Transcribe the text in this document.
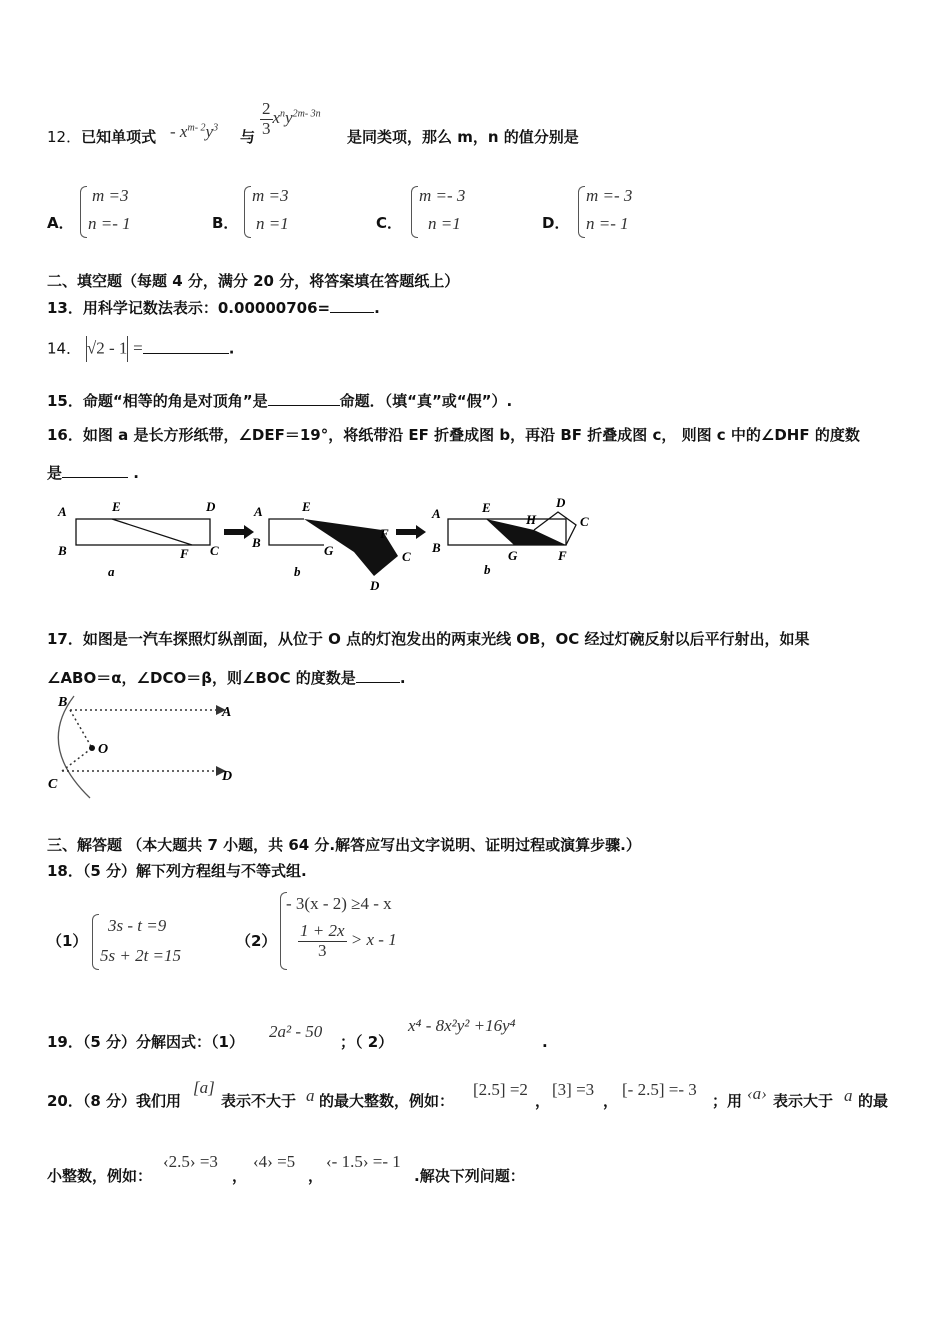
12．已知单项式 - $x^{m- 2}y^3$
与 $\frac{2}{3} x^ny^{2m- 3n}$
是同类项，那么 m，n 的值分别是
A．
m =3
n =- 1	B．
m =3
n =1	C．
m =- 3
n =1	D．
m =- 3
n =- 1
二、填空题（每题 4 分，满分 20 分，将答案填在答题纸上）
13．用科学记数法表示：0.00000706=	.
14． √2 - 1 =	.
15．命题“相等的角是对顶角”是	命题．（填“真”或“假”）.
16．如图 a 是长方形纸带，∠DEF＝19°，将纸带沿 EF 折叠成图 b，再沿 BF 折叠成图 c， 则图 c 中的∠DHF 的度数
是	.
A	E	D
B	F C
a
A	E
B
G
F
C
D
b
A	E	D
H	C
B
G	F
b
17．如图是一汽车探照灯纵剖面，从位于 O 点的灯泡发出的两束光线 OB，OC 经过灯碗反射以后平行射出，如果
∠ABO＝α，∠DCO＝β，则∠BOC 的度数是	.
B
A
O
C
D
三、解答题 （本大题共 7 小题，共 64 分.解答应写出文字说明、证明过程或演算步骤.）
18．（5 分）解下列方程组与不等式组.
（1）
3s - t =9
5s + 2t =15
（2）
- 3(x - 2) ≥4 - x
$\frac{1 + 2x}{3} > x - 1$
19．（5 分）分解因式：（1）
2a² - 50
；（ 2）
x⁴ - 8x²y² +16y⁴
.
20．（8 分）我们用
[a]
表示不大于 a 的最大整数，例如：
[2.5] =2
，
[3] =3
，
[- 2.5] =- 3
；用 ‹a› 表示大于 a 的最
小整数，例如：
‹2.5› =3
，
‹4› =5
，
‹- 1.5› =- 1
.解决下列问题：
